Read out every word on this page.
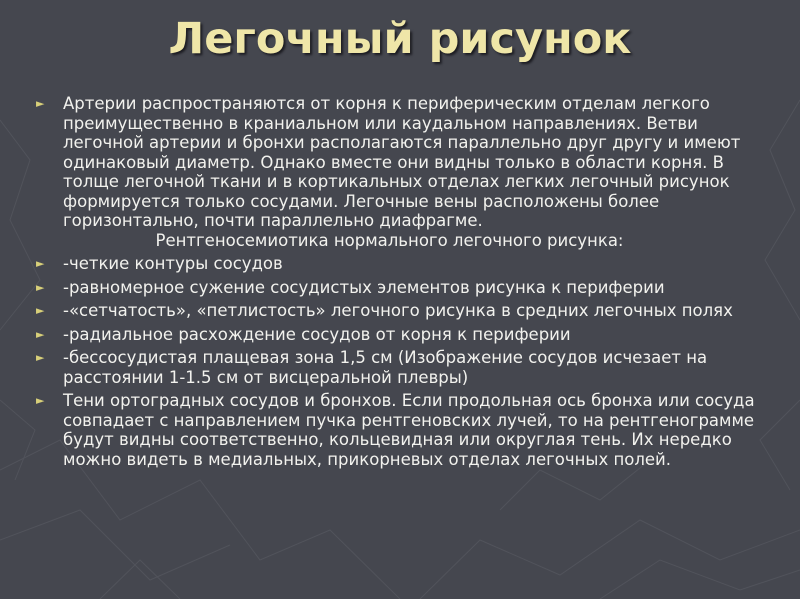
Легочный рисунок
► Артерии распространяются от корня к периферическим отделам легкого преимущественно в краниальном или каудальном направлениях. Ветви легочной артерии и бронхи располагаются параллельно друг другу и имеют одинаковый диаметр. Однако вместе они видны только в области корня. В толще легочной ткани и в кортикальных отделах легких легочный рисунок формируется только сосудами. Легочные вены расположены более горизонтально, почти параллельно диафрагме.
Рентгеносемиотика нормального легочного рисунка:
► -четкие контуры сосудов
► -равномерное сужение сосудистых элементов рисунка к периферии
► -«сетчатость», «петлистость» легочного рисунка в средних легочных полях
► -радиальное расхождение сосудов от корня к периферии
► -бессосудистая плащевая зона 1,5 см (Изображение сосудов исчезает на расстоянии 1-1.5 см от висцеральной плевры)
► Тени ортоградных сосудов и бронхов. Если продольная ось бронха или сосуда совпадает с направлением пучка рентгеновских лучей, то на рентгенограмме будут видны соответственно, кольцевидная или округлая тень. Их нередко можно видеть в медиальных, прикорневых отделах легочных полей.
